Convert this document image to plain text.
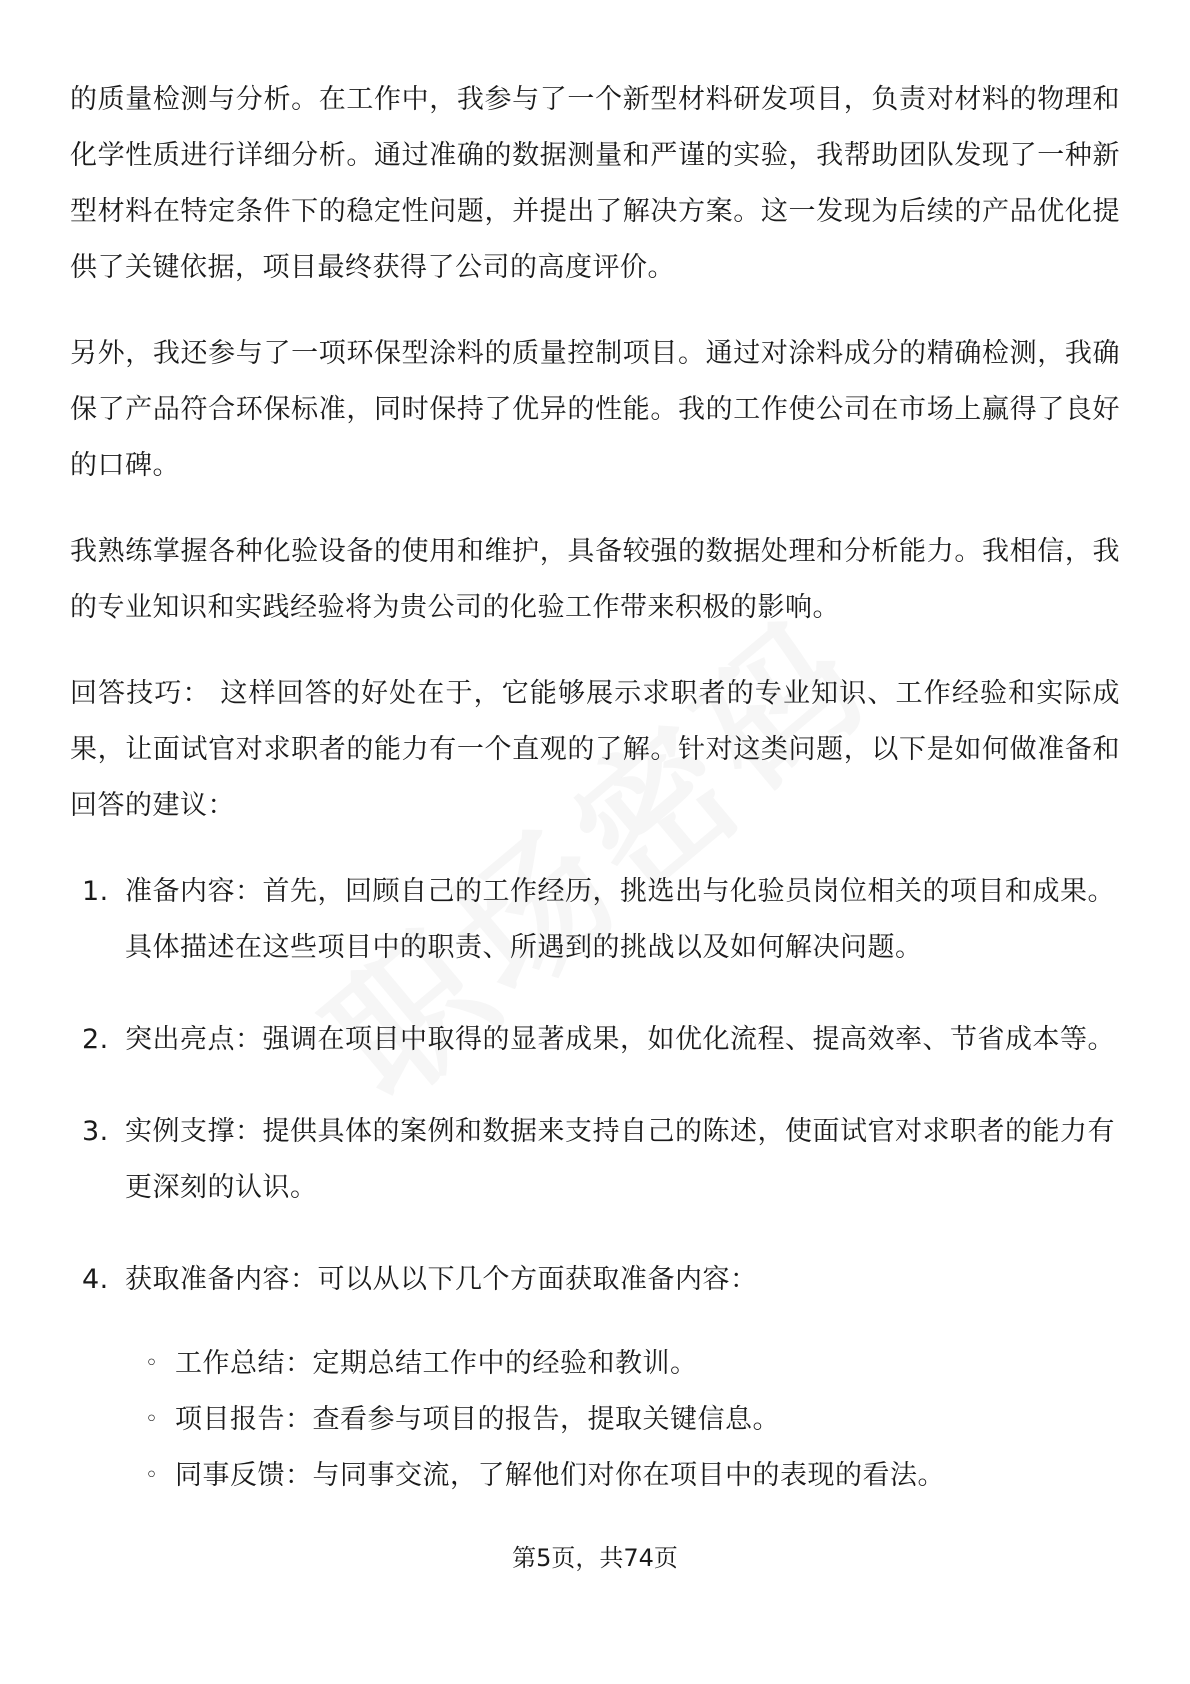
的质量检测与分析。在工作中，我参与了一个新型材料研发项目，负责对材料的物理和化学性质进行详细分析。通过准确的数据测量和严谨的实验，我帮助团队发现了一种新型材料在特定条件下的稳定性问题，并提出了解决方案。这一发现为后续的产品优化提供了关键依据，项目最终获得了公司的高度评价。

另外，我还参与了一项环保型涂料的质量控制项目。通过对涂料成分的精确检测，我确保了产品符合环保标准，同时保持了优异的性能。我的工作使公司在市场上赢得了良好的口碑。

我熟练掌握各种化验设备的使用和维护，具备较强的数据处理和分析能力。我相信，我的专业知识和实践经验将为贵公司的化验工作带来积极的影响。

回答技巧： 这样回答的好处在于，它能够展示求职者的专业知识、工作经验和实际成果，让面试官对求职者的能力有一个直观的了解。针对这类问题，以下是如何做准备和回答的建议：

1. 准备内容：首先，回顾自己的工作经历，挑选出与化验员岗位相关的项目和成果。具体描述在这些项目中的职责、所遇到的挑战以及如何解决问题。
2. 突出亮点：强调在项目中取得的显著成果，如优化流程、提高效率、节省成本等。
3. 实例支撑：提供具体的案例和数据来支持自己的陈述，使面试官对求职者的能力有更深刻的认识。
4. 获取准备内容：可以从以下几个方面获取准备内容：
◦ 工作总结：定期总结工作中的经验和教训。
◦ 项目报告：查看参与项目的报告，提取关键信息。
◦ 同事反馈：与同事交流，了解他们对你在项目中的表现的看法。
第5页，共74页
